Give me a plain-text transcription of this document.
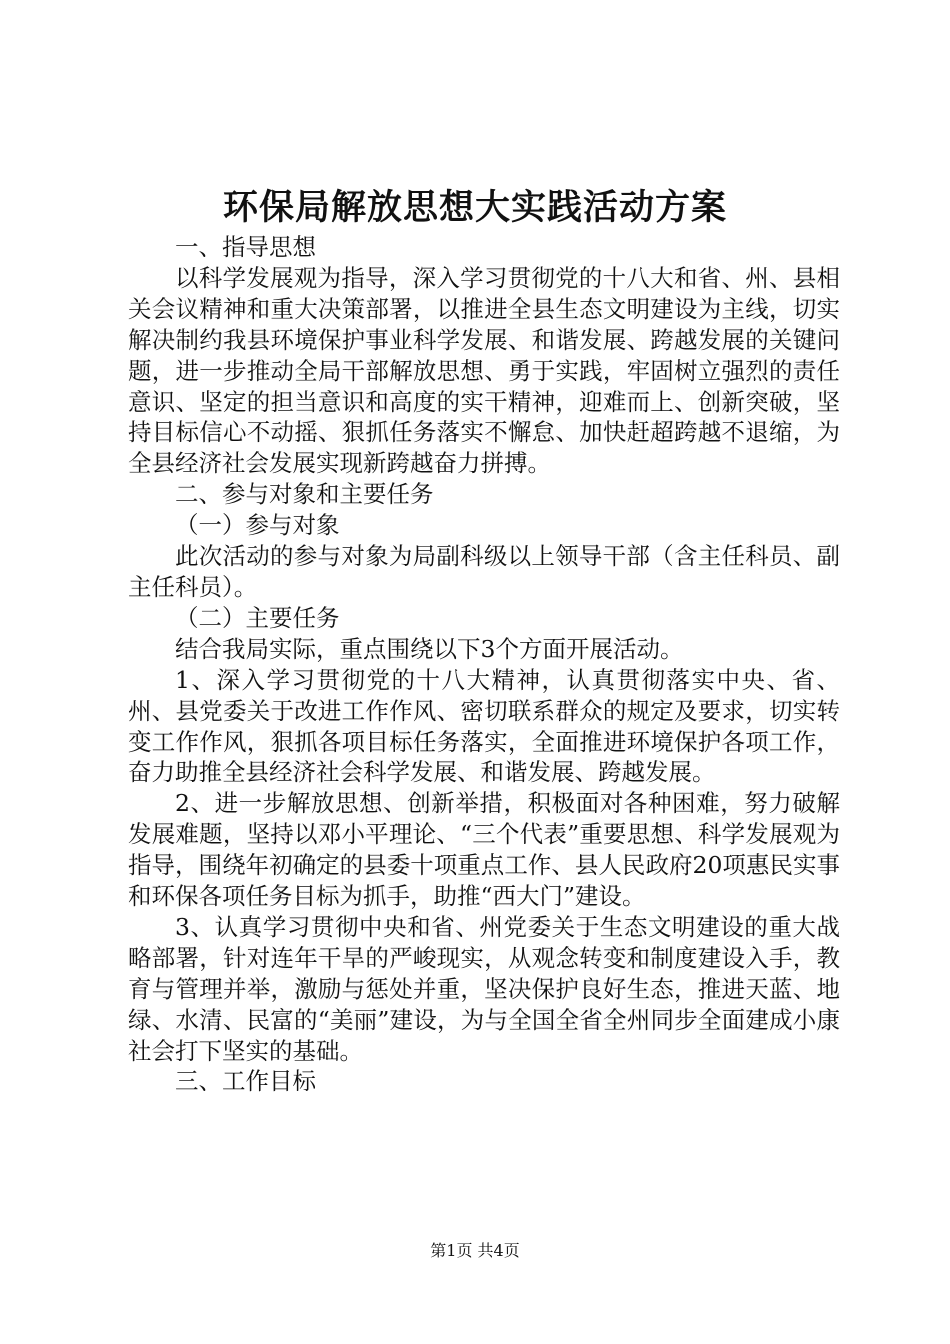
环保局解放思想大实践活动方案

一、指导思想

以科学发展观为指导，深入学习贯彻党的十八大和省、州、县相关会议精神和重大决策部署，以推进全县生态文明建设为主线，切实解决制约我县环境保护事业科学发展、和谐发展、跨越发展的关键问题，进一步推动全局干部解放思想、勇于实践，牢固树立强烈的责任意识、坚定的担当意识和高度的实干精神，迎难而上、创新突破，坚持目标信心不动摇、狠抓任务落实不懈怠、加快赶超跨越不退缩，为全县经济社会发展实现新跨越奋力拼搏。

二、参与对象和主要任务

（一）参与对象

此次活动的参与对象为局副科级以上领导干部（含主任科员、副主任科员）。

（二）主要任务

结合我局实际，重点围绕以下3个方面开展活动。

1、深入学习贯彻党的十八大精神，认真贯彻落实中央、省、州、县党委关于改进工作作风、密切联系群众的规定及要求，切实转变工作作风，狠抓各项目标任务落实，全面推进环境保护各项工作，奋力助推全县经济社会科学发展、和谐发展、跨越发展。

2、进一步解放思想、创新举措，积极面对各种困难，努力破解发展难题，坚持以邓小平理论、“三个代表”重要思想、科学发展观为指导，围绕年初确定的县委十项重点工作、县人民政府20项惠民实事和环保各项任务目标为抓手，助推“西大门”建设。

3、认真学习贯彻中央和省、州党委关于生态文明建设的重大战略部署，针对连年干旱的严峻现实，从观念转变和制度建设入手，教育与管理并举，激励与惩处并重，坚决保护良好生态，推进天蓝、地绿、水清、民富的“美丽”建设，为与全国全省全州同步全面建成小康社会打下坚实的基础。

三、工作目标

第1页 共4页
